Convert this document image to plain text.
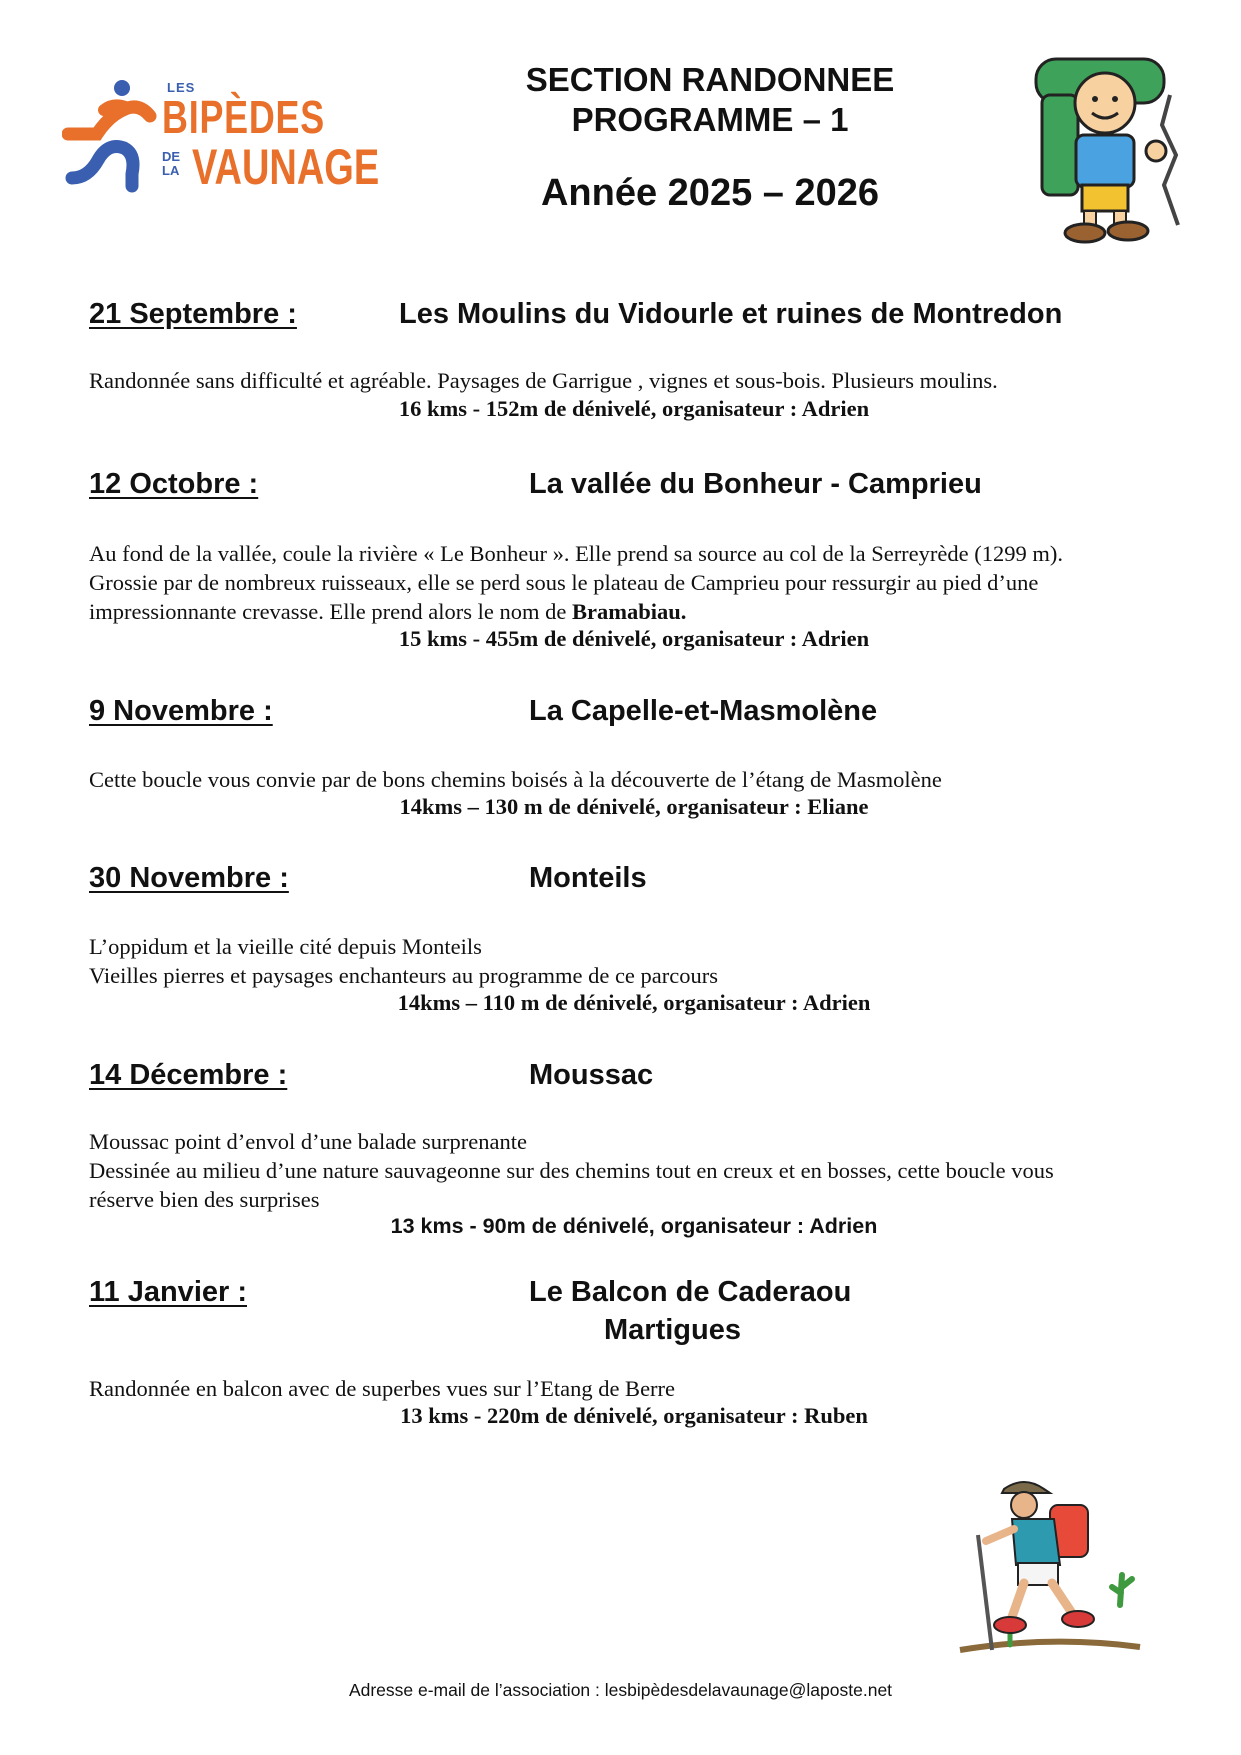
LES
BIPÈDES
DE LA VAUNAGE
SECTION RANDONNEE
PROGRAMME – 1
Année 2025 – 2026
21 Septembre :	Les Moulins du Vidourle et ruines de Montredon
Randonnée sans difficulté et agréable. Paysages de Garrigue , vignes et sous-bois. Plusieurs moulins.
16 kms - 152m de dénivelé, organisateur : Adrien
12 Octobre :	La vallée du Bonheur - Camprieu
Au fond de la vallée, coule la rivière « Le Bonheur ». Elle prend sa source au col de la Serreyrède (1299 m).
Grossie par de nombreux ruisseaux, elle se perd sous le plateau de Camprieu pour ressurgir au pied d’une
impressionnante crevasse. Elle prend alors le nom de Bramabiau.
15 kms - 455m de dénivelé, organisateur : Adrien
9 Novembre :	La Capelle-et-Masmolène
Cette boucle vous convie par de bons chemins boisés à la découverte de l’étang de Masmolène
14kms – 130 m de dénivelé, organisateur : Eliane
30 Novembre :	Monteils
L’oppidum et la vieille cité depuis Monteils
Vieilles pierres et paysages enchanteurs au programme de ce parcours
14kms – 110 m de dénivelé, organisateur : Adrien
14 Décembre :	Moussac
Moussac point d’envol d’une balade surprenante
Dessinée au milieu d’une nature sauvageonne sur des chemins tout en creux et en bosses, cette boucle vous
réserve bien des surprises
13 kms - 90m de dénivelé, organisateur : Adrien
11 Janvier :	Le Balcon de Caderaou
Martigues
Randonnée en balcon avec de superbes vues sur l’Etang de Berre
13 kms - 220m de dénivelé, organisateur : Ruben
Adresse e-mail de l’association : lesbipèdesdelavaunage@laposte.net
